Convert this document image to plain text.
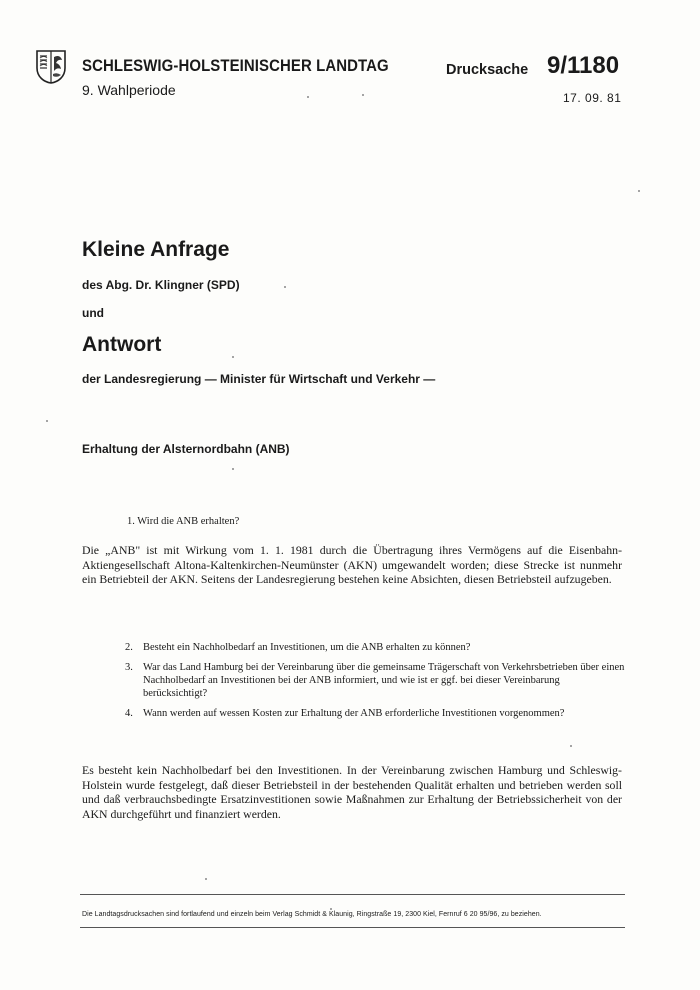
SCHLESWIG-HOLSTEINISCHER LANDTAG
9. Wahlperiode
Drucksache 9/1180
17. 09. 81
Kleine Anfrage
des Abg. Dr. Klingner (SPD)
und
Antwort
der Landesregierung — Minister für Wirtschaft und Verkehr —
Erhaltung der Alsternordbahn (ANB)
1. Wird die ANB erhalten?
Die „ANB" ist mit Wirkung vom 1. 1. 1981 durch die Übertragung ihres Vermögens auf die Eisenbahn-Aktiengesellschaft Altona-Kaltenkirchen-Neumünster (AKN) umgewandelt worden; diese Strecke ist nunmehr ein Betriebteil der AKN. Seitens der Landesregierung bestehen keine Absichten, diesen Betriebsteil aufzugeben.
2. Besteht ein Nachholbedarf an Investitionen, um die ANB erhalten zu können?
3. War das Land Hamburg bei der Vereinbarung über die gemeinsame Trägerschaft von Verkehrsbetrieben über einen Nachholbedarf an Investitionen bei der ANB informiert, und wie ist er ggf. bei dieser Vereinbarung berücksichtigt?
4. Wann werden auf wessen Kosten zur Erhaltung der ANB erforderliche Investitionen vorgenommen?
Es besteht kein Nachholbedarf bei den Investitionen. In der Vereinbarung zwischen Hamburg und Schleswig-Holstein wurde festgelegt, daß dieser Betriebsteil in der bestehenden Qualität erhalten und betrieben werden soll und daß verbrauchsbedingte Ersatzinvestitionen sowie Maßnahmen zur Erhaltung der Betriebssicherheit von der AKN durchgeführt und finanziert werden.
Die Landtagsdrucksachen sind fortlaufend und einzeln beim Verlag Schmidt & Klaunig, Ringstraße 19, 2300 Kiel, Fernruf 6 20 95/96, zu beziehen.
